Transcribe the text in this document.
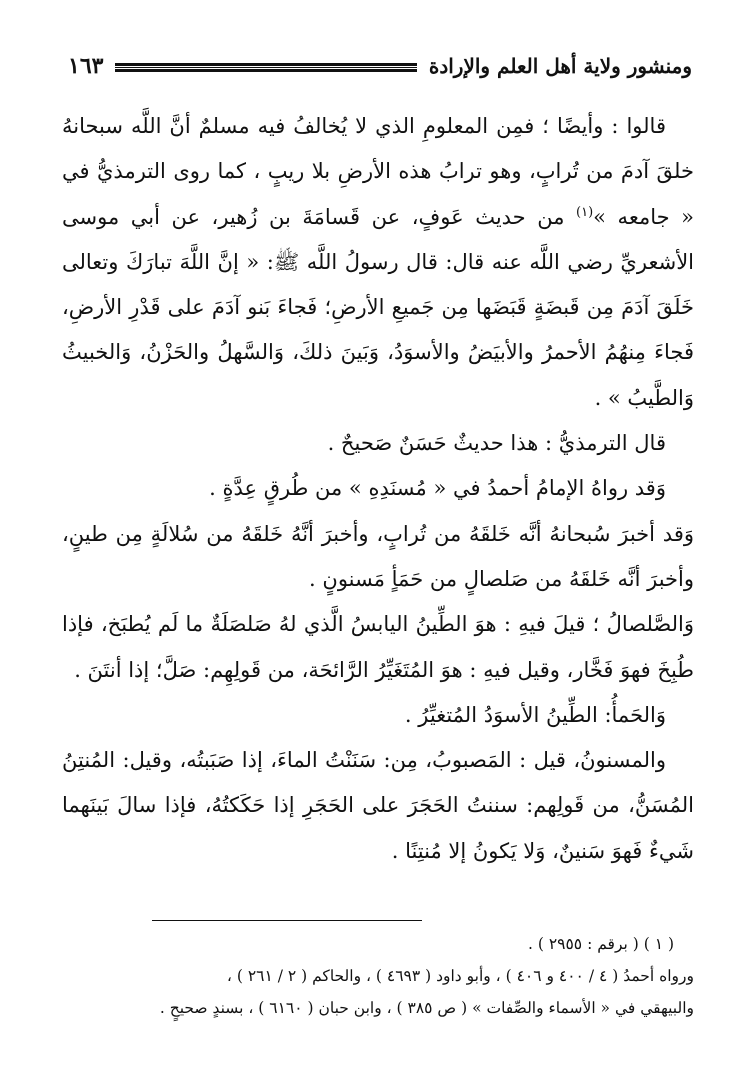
ومنشور ولاية أهل العلم والإرادة
١٦٣

قالوا : وأيضًا ؛ فمِن المعلومِ الذي لا يُخالفُ فيه مسلمٌ أنَّ اللَّه سبحانهُ خلقَ آدمَ من تُرابٍ، وهو ترابُ هذه الأرضِ بلا ريبٍ ، كما روى الترمذيُّ في « جامعه »$^{(١)}$ من حديث عَوفٍ، عن قَسامَةَ بن زُهير، عن أبي موسى الأشعريِّ رضي اللَّه عنه قال: قال رسولُ اللَّه ﷺ: « إنَّ اللَّهَ تبارَكَ وتعالى خَلَقَ آدَمَ مِن قَبضَةٍ قَبَضَها مِن جَميعِ الأرضِ؛ فَجاءَ بَنو آدَمَ على قَدْرِ الأرضِ، فَجاءَ مِنهُمُ الأحمرُ والأبيَضُ والأسوَدُ، وَبَينَ ذلكَ، وَالسَّهلُ والحَزْنُ، وَالخبيثُ وَالطَّيبُ » .

قال الترمذيُّ : هذا حديثٌ حَسَنٌ صَحيحٌ .

وَقد رواهُ الإمامُ أحمدُ في « مُسنَدِهِ » من طُرقٍ عِدَّةٍ .

وَقد أخبرَ سُبحانهُ أنَّه خَلقَهُ من تُرابٍ، وأخبرَ أنَّهُ خَلقَهُ من سُلالَةٍ مِن طينٍ، وأخبرَ أنَّه خَلقَهُ من صَلصالٍ من حَمَأٍ مَسنونٍ .

وَالصَّلصالُ ؛ قيلَ فيهِ : هوَ الطِّينُ اليابسُ الَّذي لهُ صَلصَلَةٌ ما لَم يُطبَخ، فإذا طُبِخَ فهوَ فَخَّار، وقيل فيهِ : هوَ المُتَغَيِّرُ الرَّائحَة، من قَولِهِم: صَلَّ؛ إذا أنتَنَ .

وَالحَمأُ: الطِّينُ الأسوَدُ المُتغيِّرُ .

والمسنونُ، قيل : المَصبوبُ، مِن: سَنَنْتُ الماءَ، إذا صَبَبتُه، وقيل: المُنتِنُ المُسَنُّ، من قَولِهم: سننتُ الحَجَرَ على الحَجَرِ إذا حَكَكتُهُ، فإذا سالَ بَينَهما شَيءٌ فَهوَ سَنينٌ، وَلا يَكونُ إلا مُنتِنًا .

( ١ ) ( برقم : ٢٩٥٥ ) .

ورواه أحمدُ ( ٤ / ٤٠٠ و ٤٠٦ ) ، وأبو داود ( ٤٦٩٣ ) ، والحاكم ( ٢ / ٢٦١ ) ،

والبيهقي في « الأسماء والصِّفات » ( ص ٣٨٥ ) ، وابن حبان ( ٦١٦٠ ) ، بسندٍ صحيحٍ .
